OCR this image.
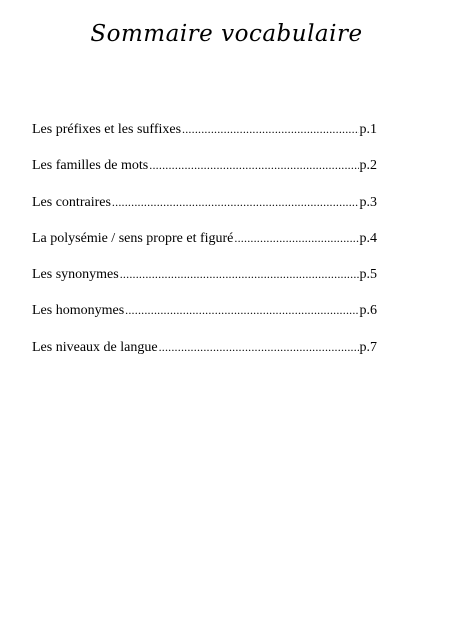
Sommaire vocabulaire
Les préfixes et les suffixes .....	p.1
Les familles de mots .....	p.2
Les contraires .....	p.3
La polysémie / sens propre et figuré .....	p.4
Les synonymes .....	p.5
Les homonymes .....	p.6
Les niveaux de langue .....	p.7
